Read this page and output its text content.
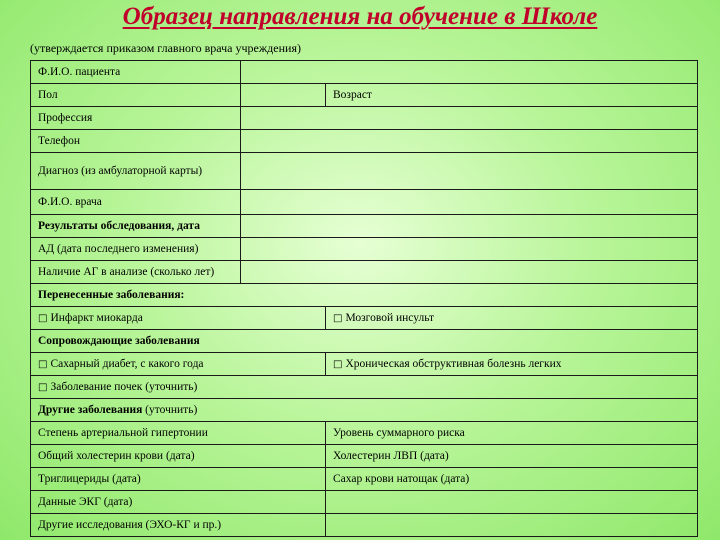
Образец направления на обучение в Школе
(утверждается приказом главного врача учреждения)
Ф.И.О. пациента		
Пол		Возраст
Профессия		
Телефон		
Диагноз (из амбулаторной карты)		
Ф.И.О. врача		
Результаты обследования, дата		
АД (дата последнего изменения)		
Наличие АГ в анализе (сколько лет)		
Перенесенные заболевания:		
□ Инфаркт миокарда		□ Мозговой инсульт
Сопровождающие заболевания		
□ Сахарный диабет, с какого года		□ Хроническая обструктивная болезнь легких
□ Заболевание почек (уточнить)		
Другие заболевания (уточнить)		
Степень артериальной гипертонии		Уровень суммарного риска
Общий холестерин крови (дата)		Холестерин ЛВП (дата)
Триглицериды (дата)		Сахар крови натощак (дата)
Данные ЭКГ (дата)		
Другие исследования (ЭХО-КГ и пр.)		
